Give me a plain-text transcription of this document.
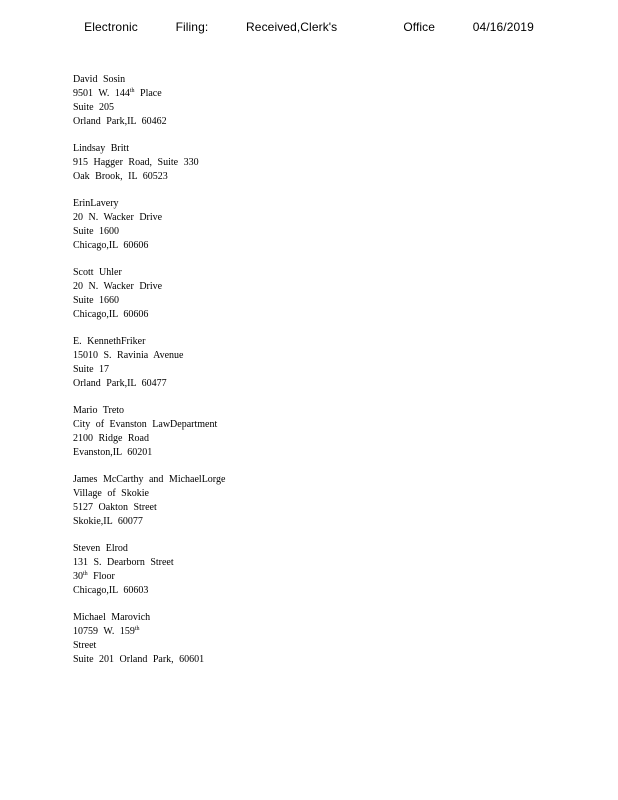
Electronic    Filing:    Received,Clerk's       Office    04/16/2019
David Sosin
9501 W. 144th Place
Suite 205
Orland Park,IL 60462
Lindsay Britt
915 Hagger Road, Suite 330
Oak Brook, IL 60523
ErinLavery
20 N. Wacker Drive
Suite 1600
Chicago,IL 60606
Scott Uhler
20 N. Wacker Drive
Suite 1660
Chicago,IL 60606
E. KennethFriker
15010 S. Ravinia Avenue
Suite 17
Orland Park,IL 60477
Mario Treto
City of Evanston LawDepartment
2100 Ridge Road
Evanston,IL 60201
James McCarthy and MichaelLorge
Village of Skokie
5127 Oakton Street
Skokie,IL 60077
Steven Elrod
131 S. Dearborn Street
30th Floor
Chicago,IL 60603
Michael Marovich
10759 W. 159th
Street
Suite 201 Orland Park, 60601
